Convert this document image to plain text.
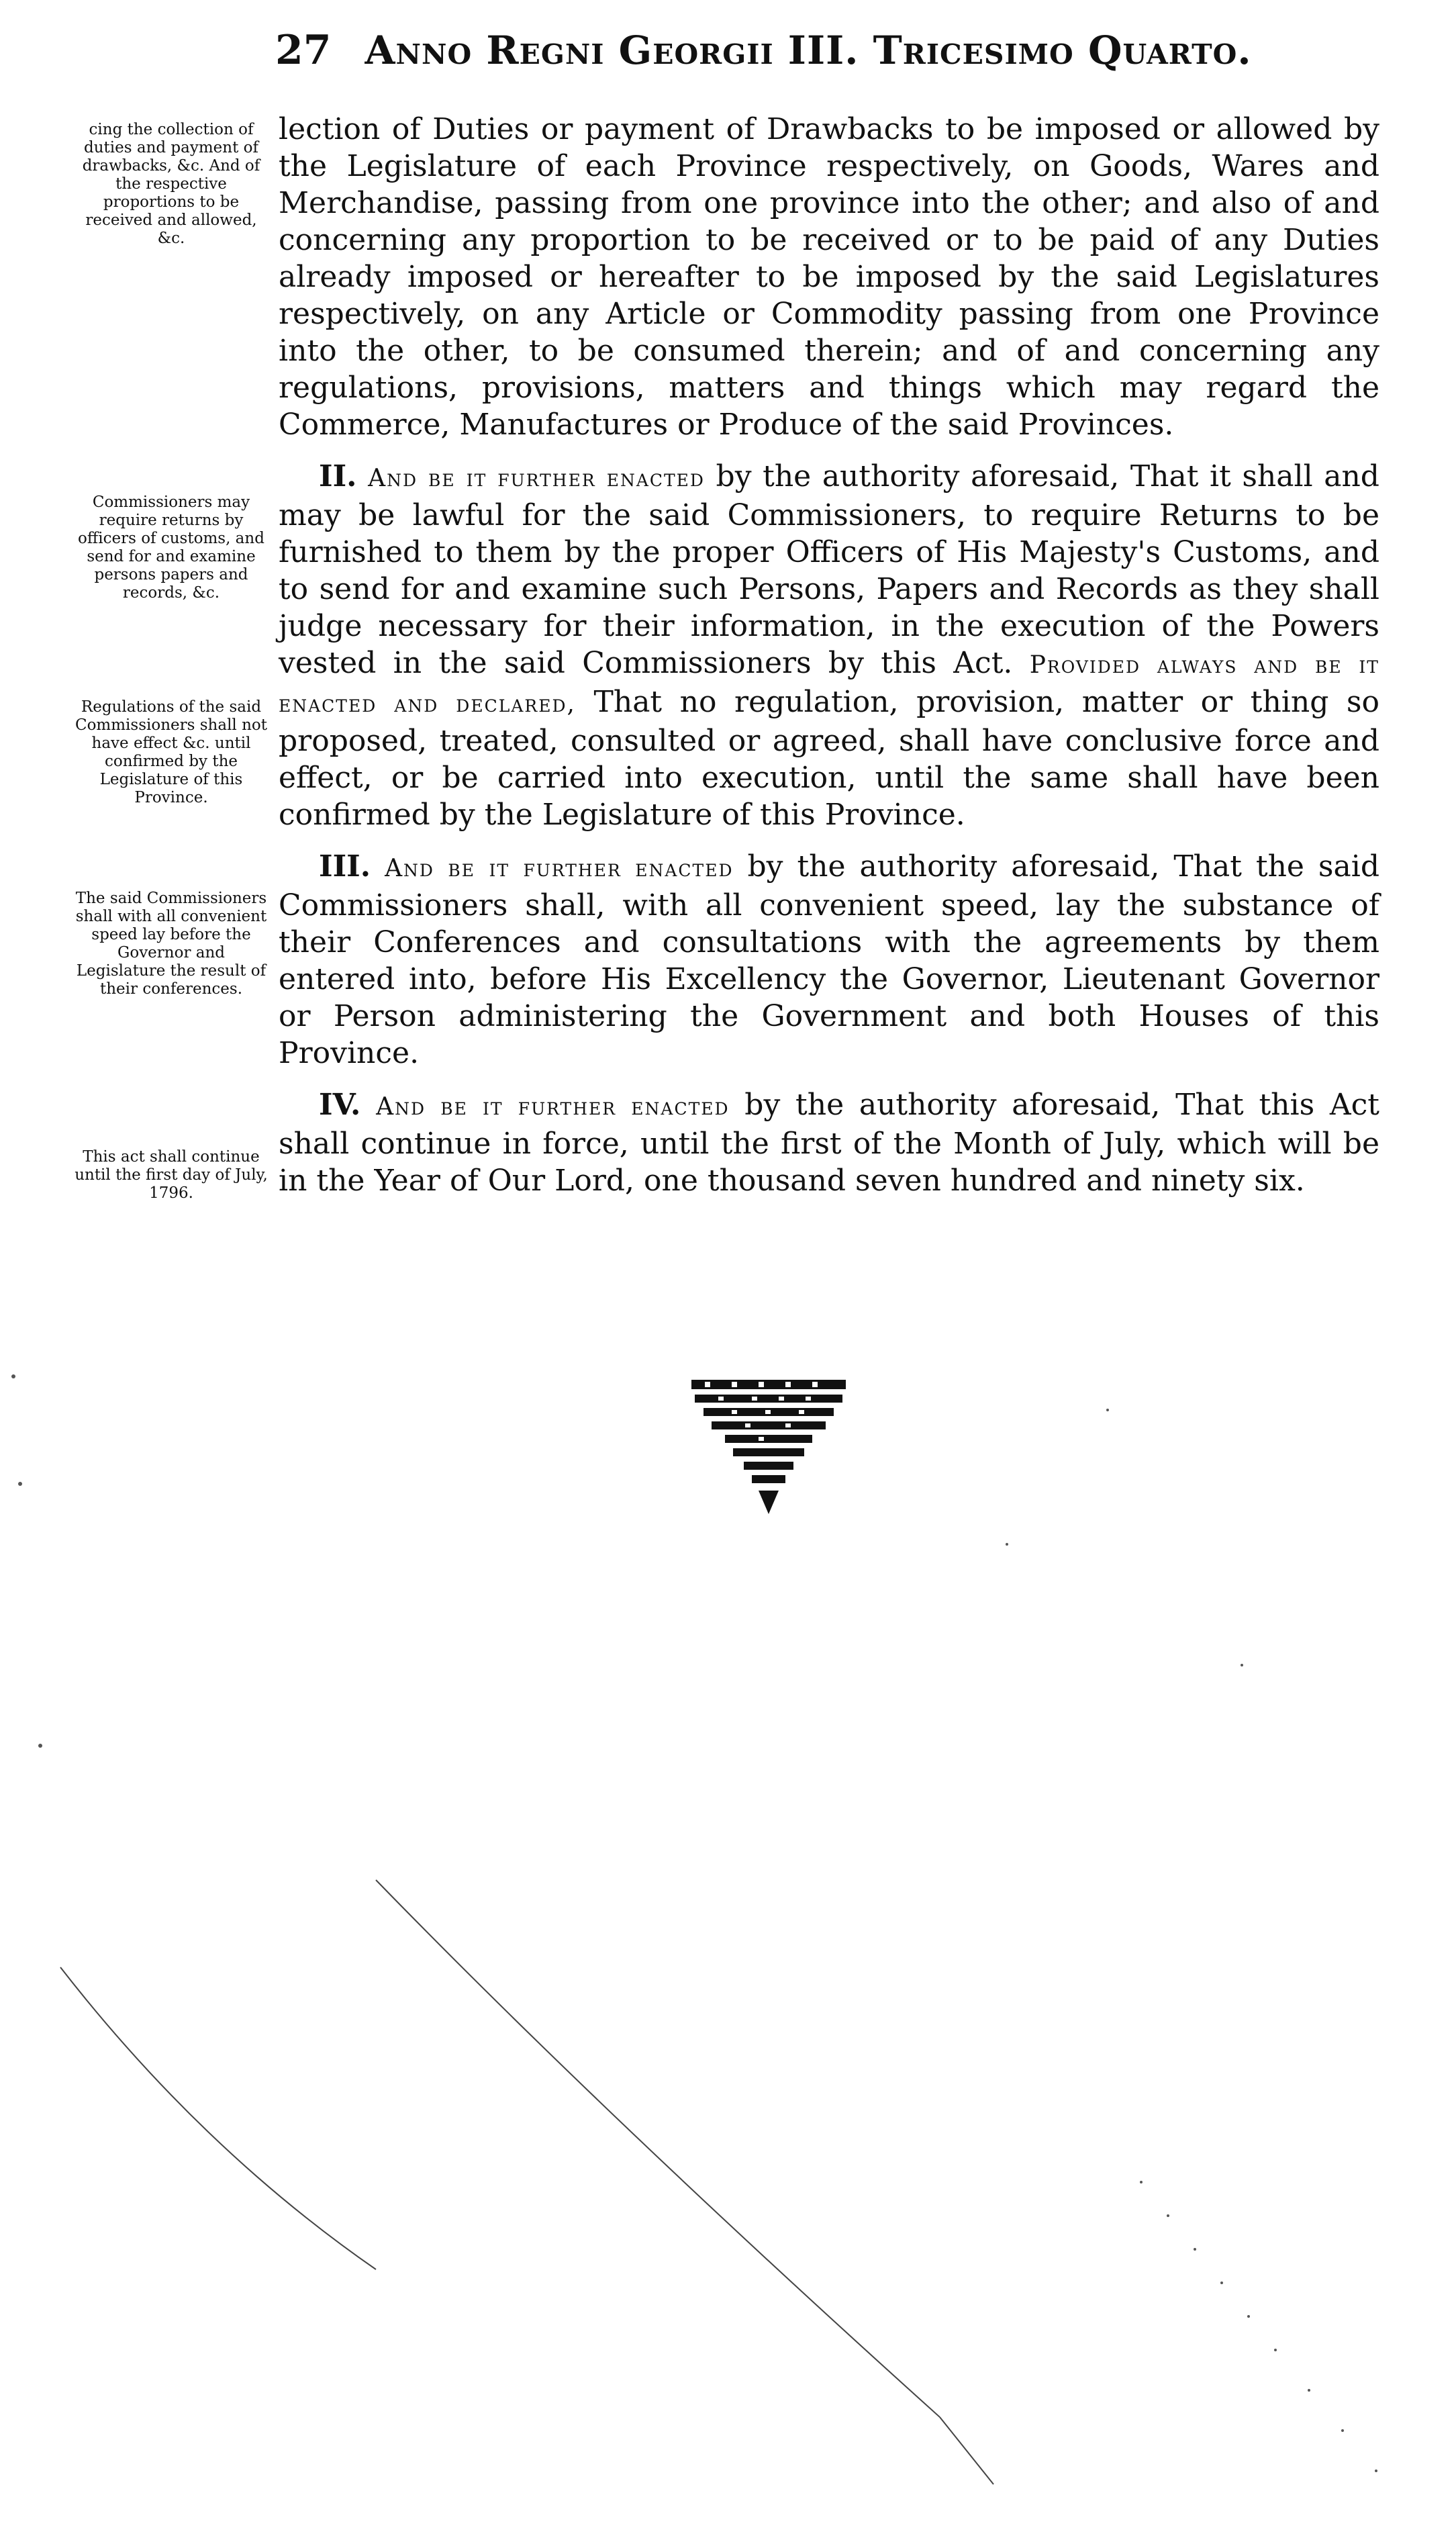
27 Anno Regni Georgii III. Tricesimo Quarto.
cing the collection of duties and payment of drawbacks, &c. And of the respective proportions to be received and allowed, &c.
Commissioners may require returns by officers of customs, and send for and examine persons papers and records, &c.
Regulations of the said Commissioners shall not have effect &c. until confirmed by the Legislature of this Province.
The said Commissioners shall with all convenient speed lay before the Governor and Legislature the result of their conferences.
This act shall continue until the first day of July, 1796.

lection of Duties or payment of Drawbacks to be imposed or allowed by the Legislature of each Province respectively, on Goods, Wares and Merchandise, passing from one province into the other; and also of and concerning any proportion to be received or to be paid of any Duties already imposed or hereafter to be imposed by the said Legislatures respectively, on any Article or Commodity passing from one Province into the other, to be consumed therein; and of and concerning any regulations, provisions, matters and things which may regard the Commerce, Manufactures or Produce of the said Provinces.

II. And be it further enacted by the authority aforesaid, That it shall and may be lawful for the said Commissioners, to require Returns to be furnished to them by the proper Officers of His Majesty's Customs, and to send for and examine such Persons, Papers and Records as they shall judge necessary for their information, in the execution of the Powers vested in the said Commissioners by this Act. Provided always and be it enacted and declared, That no regulation, provision, matter or thing so proposed, treated, consulted or agreed, shall have conclusive force and effect, or be carried into execution, until the same shall have been confirmed by the Legislature of this Province.

III. And be it further enacted by the authority aforesaid, That the said Commissioners shall, with all convenient speed, lay the substance of their Conferences and consultations with the agreements by them entered into, before His Excellency the Governor, Lieutenant Governor or Person administering the Government and both Houses of this Province.

IV. And be it further enacted by the authority aforesaid, That this Act shall continue in force, until the first of the Month of July, which will be in the Year of Our Lord, one thousand seven hundred and ninety six.
